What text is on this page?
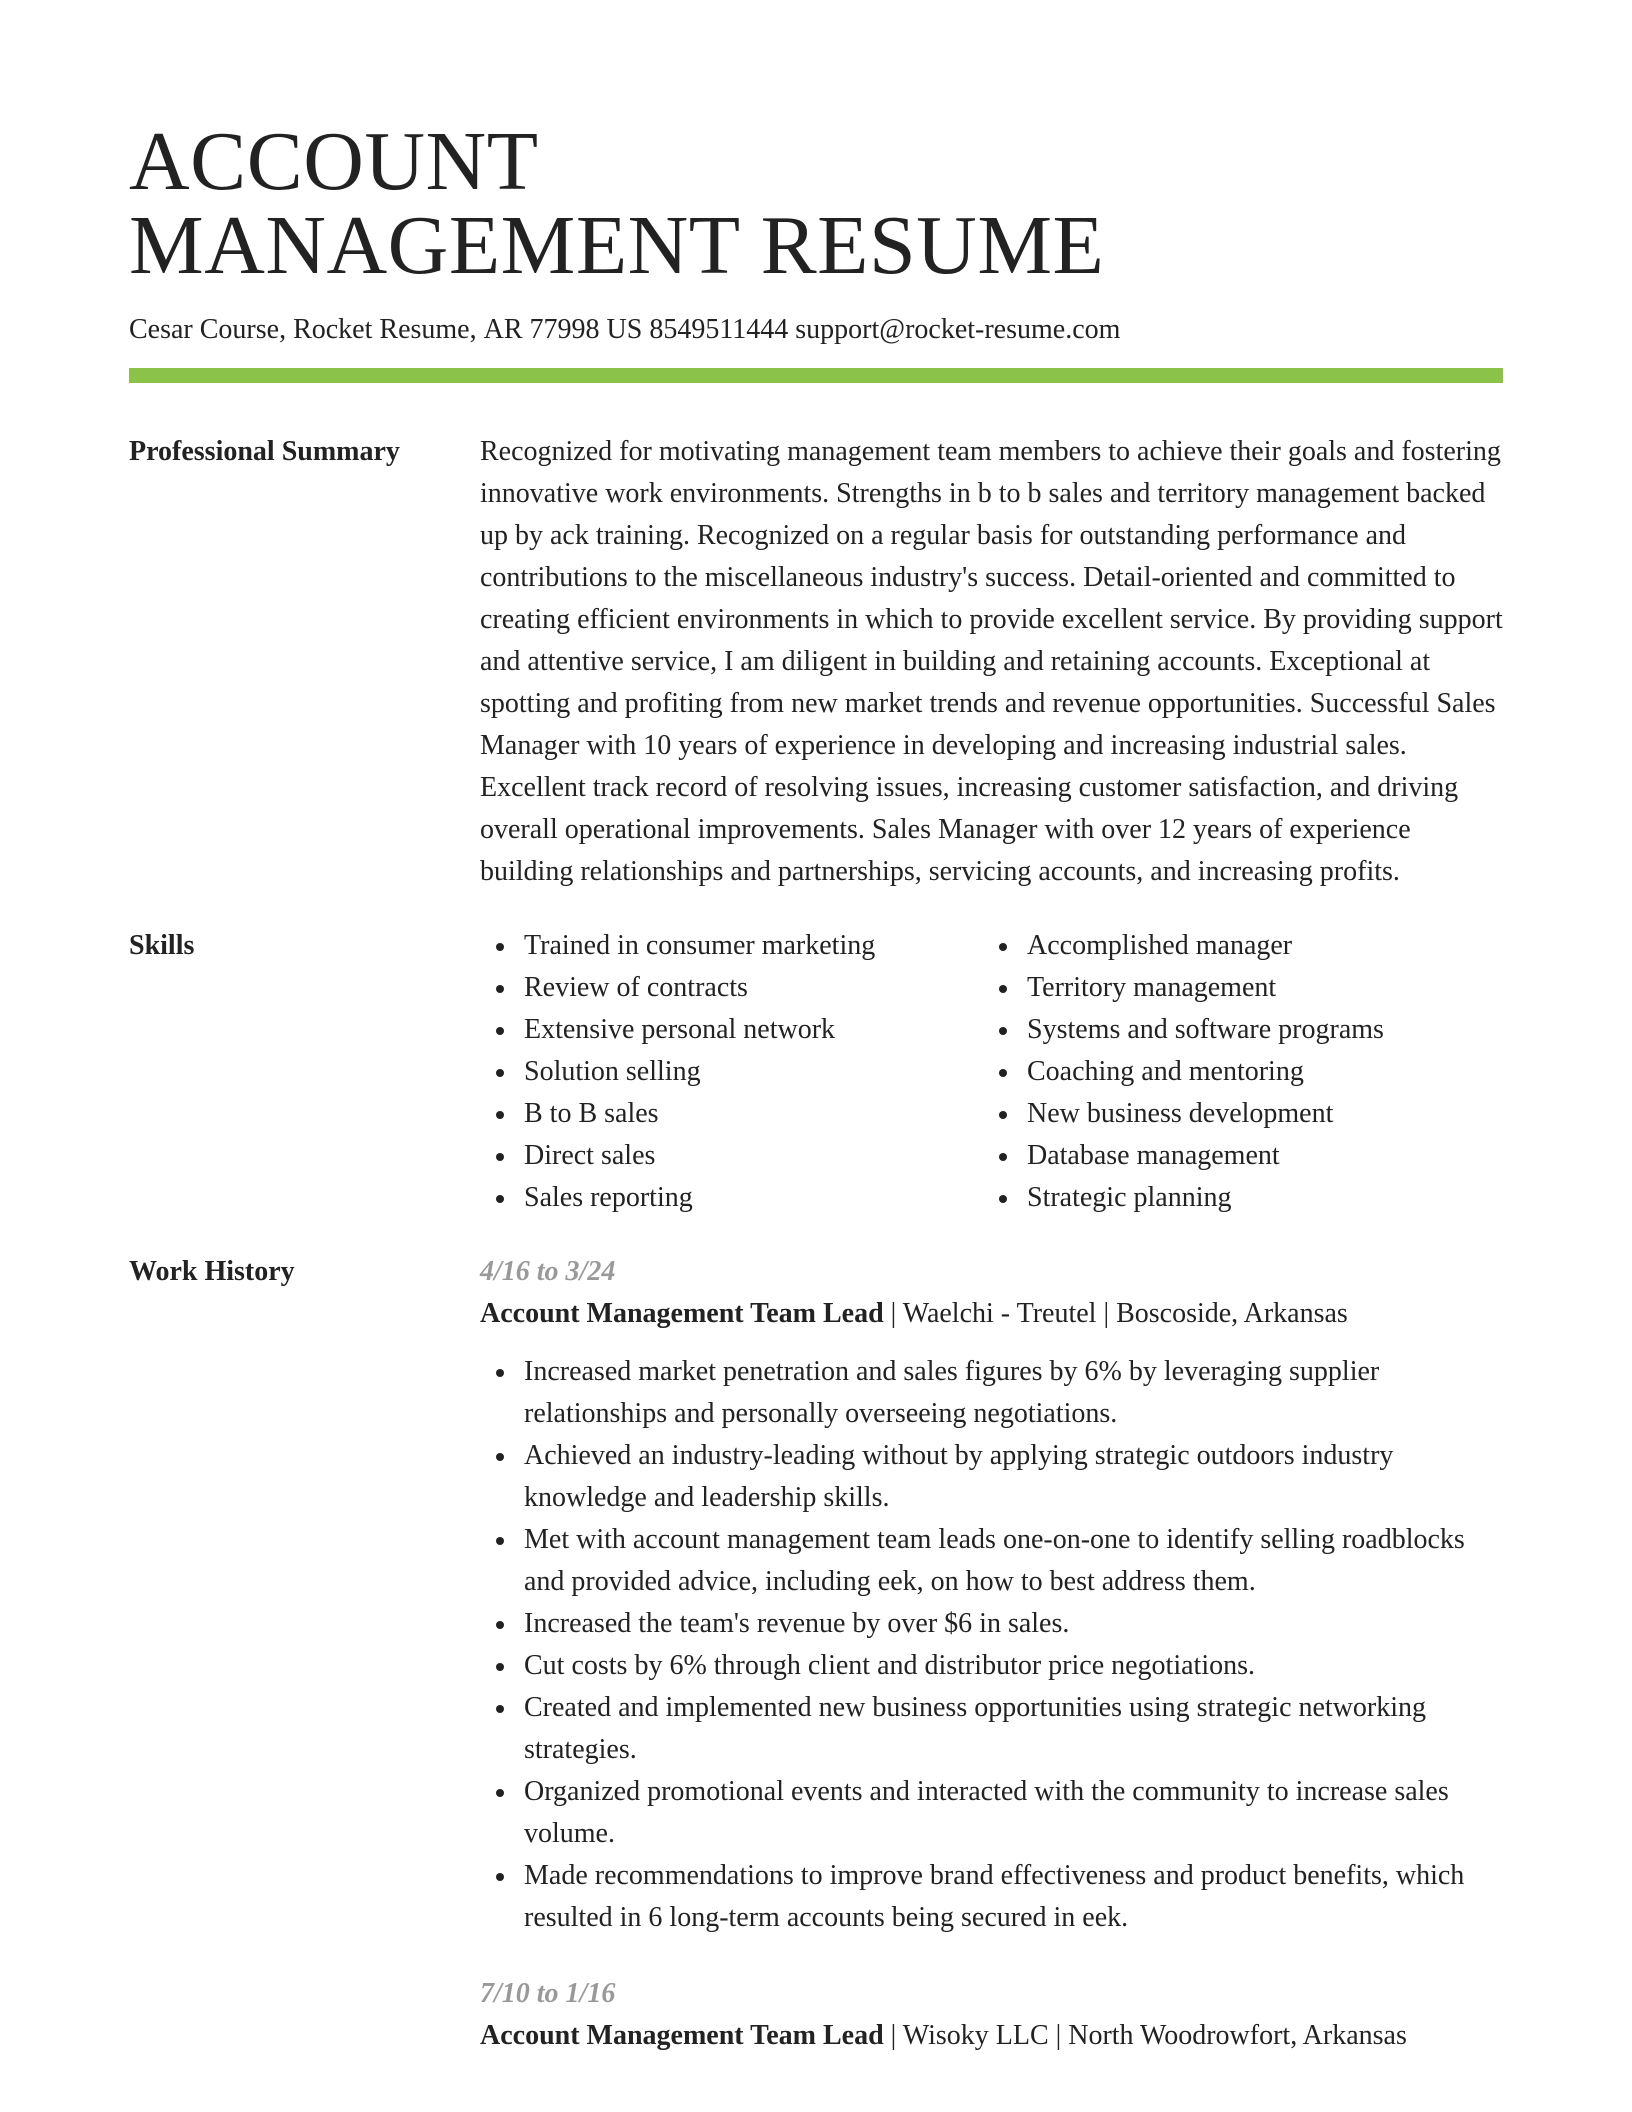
ACCOUNT
MANAGEMENT RESUME
Cesar Course, Rocket Resume, AR 77998 US 8549511444 support@rocket-resume.com
Professional Summary	Recognized for motivating management team members to achieve their goals and fostering innovative work environments. Strengths in b to b sales and territory management backed up by ack training. Recognized on a regular basis for outstanding performance and contributions to the miscellaneous industry's success. Detail-oriented and committed to creating efficient environments in which to provide excellent service. By providing support and attentive service, I am diligent in building and retaining accounts. Exceptional at spotting and profiting from new market trends and revenue opportunities. Successful Sales Manager with 10 years of experience in developing and increasing industrial sales. Excellent track record of resolving issues, increasing customer satisfaction, and driving overall operational improvements. Sales Manager with over 12 years of experience building relationships and partnerships, servicing accounts, and increasing profits.
Skills	Trained in consumer marketing
Review of contracts
Extensive personal network
Solution selling
B to B sales
Direct sales
Sales reporting
Accomplished manager
Territory management
Systems and software programs
Coaching and mentoring
New business development
Database management
Strategic planning
Work History	4/16 to 3/24
Account Management Team Lead | Waelchi - Treutel | Boscoside, Arkansas
Increased market penetration and sales figures by 6% by leveraging supplier relationships and personally overseeing negotiations.
Achieved an industry-leading without by applying strategic outdoors industry knowledge and leadership skills.
Met with account management team leads one-on-one to identify selling roadblocks and provided advice, including eek, on how to best address them.
Increased the team's revenue by over $6 in sales.
Cut costs by 6% through client and distributor price negotiations.
Created and implemented new business opportunities using strategic networking strategies.
Organized promotional events and interacted with the community to increase sales volume.
Made recommendations to improve brand effectiveness and product benefits, which resulted in 6 long-term accounts being secured in eek.
7/10 to 1/16
Account Management Team Lead | Wisoky LLC | North Woodrowfort, Arkansas
